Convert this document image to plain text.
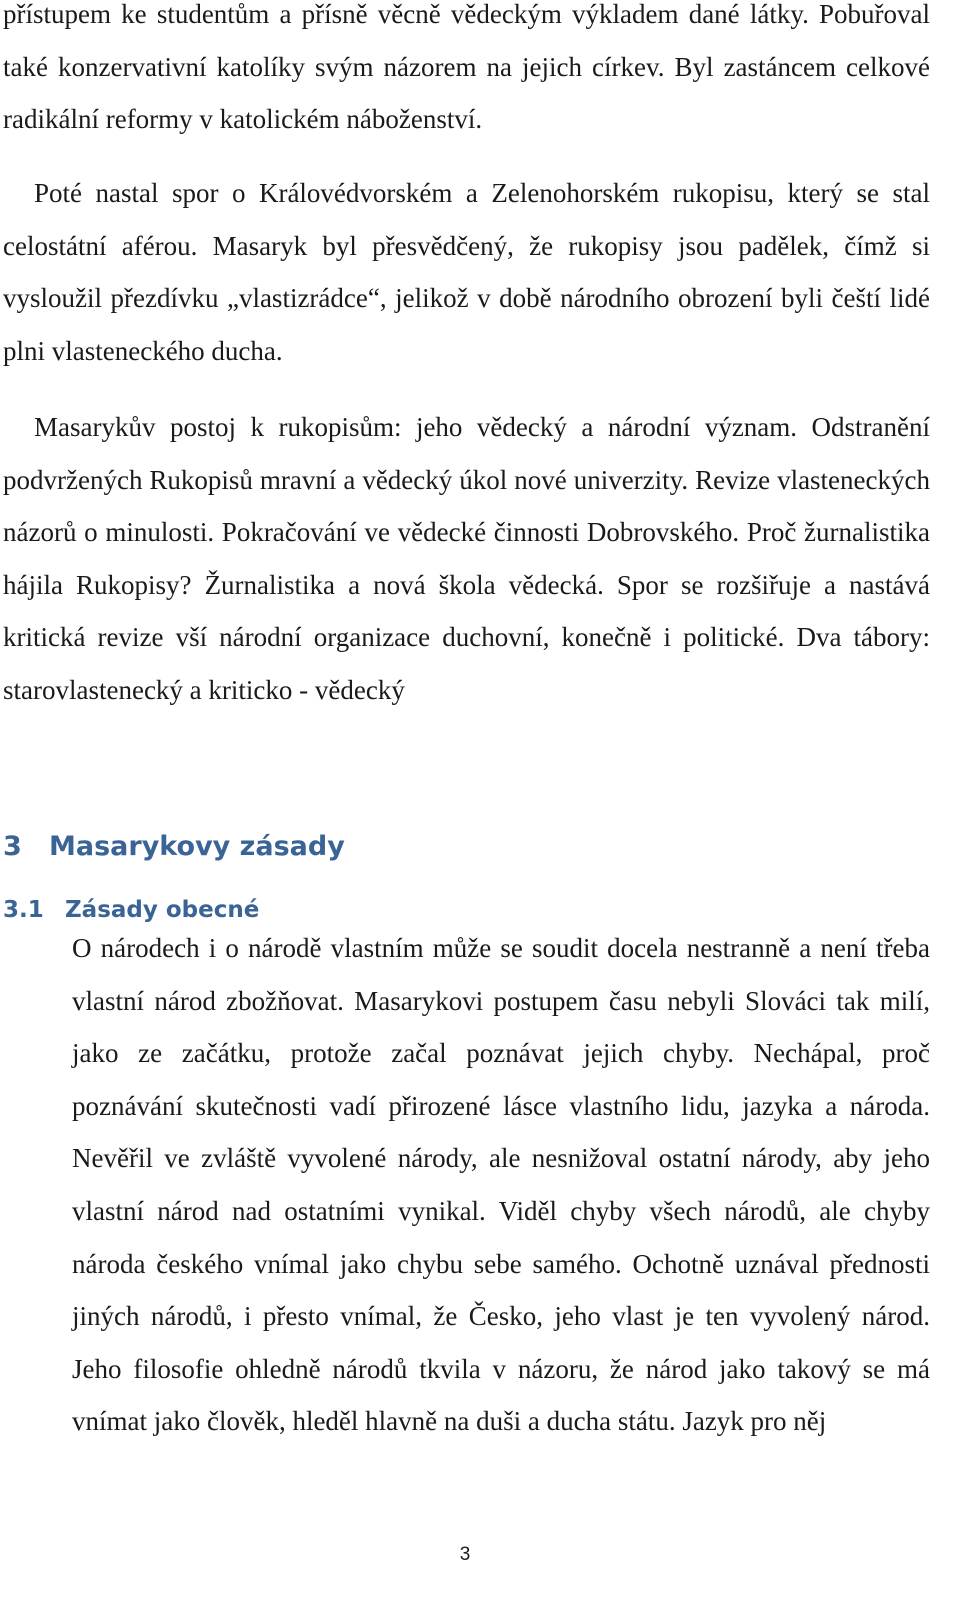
přístupem ke studentům a přísně věcně vědeckým výkladem dané látky. Pobuřoval také konzervativní katolíky svým názorem na jejich církev. Byl zastáncem celkové radikální reformy v katolickém náboženství.

Poté nastal spor o Královédvorském a Zelenohorském rukopisu, který se stal celostátní aférou. Masaryk byl přesvědčený, že rukopisy jsou padělek, čímž si vysloužil přezdívku „vlastizrádce“, jelikož v době národního obrození byli čeští lidé plni vlasteneckého ducha.

Masarykův postoj k rukopisům: jeho vědecký a národní význam. Odstranění podvržených Rukopisů mravní a vědecký úkol nové univerzity. Revize vlasteneckých názorů o minulosti. Pokračování ve vědecké činnosti Dobrovského. Proč žurnalistika hájila Rukopisy? Žurnalistika a nová škola vědecká. Spor se rozšiřuje a nastává kritická revize vší národní organizace duchovní, konečně i politické. Dva tábory: starovlastenecký a kriticko - vědecký

3 Masarykovy zásady
3.1 Zásady obecné

O národech i o národě vlastním může se soudit docela nestranně a není třeba vlastní národ zbožňovat. Masarykovi postupem času nebyli Slováci tak milí, jako ze začátku, protože začal poznávat jejich chyby. Nechápal, proč poznávání skutečnosti vadí přirozené lásce vlastního lidu, jazyka a národa. Nevěřil ve zvláště vyvolené národy, ale nesnižoval ostatní národy, aby jeho vlastní národ nad ostatními vynikal. Viděl chyby všech národů, ale chyby národa českého vnímal jako chybu sebe samého. Ochotně uznával přednosti jiných národů, i přesto vnímal, že Česko, jeho vlast je ten vyvolený národ. Jeho filosofie ohledně národů tkvila v názoru, že národ jako takový se má vnímat jako člověk, hleděl hlavně na duši a ducha státu. Jazyk pro něj

3
